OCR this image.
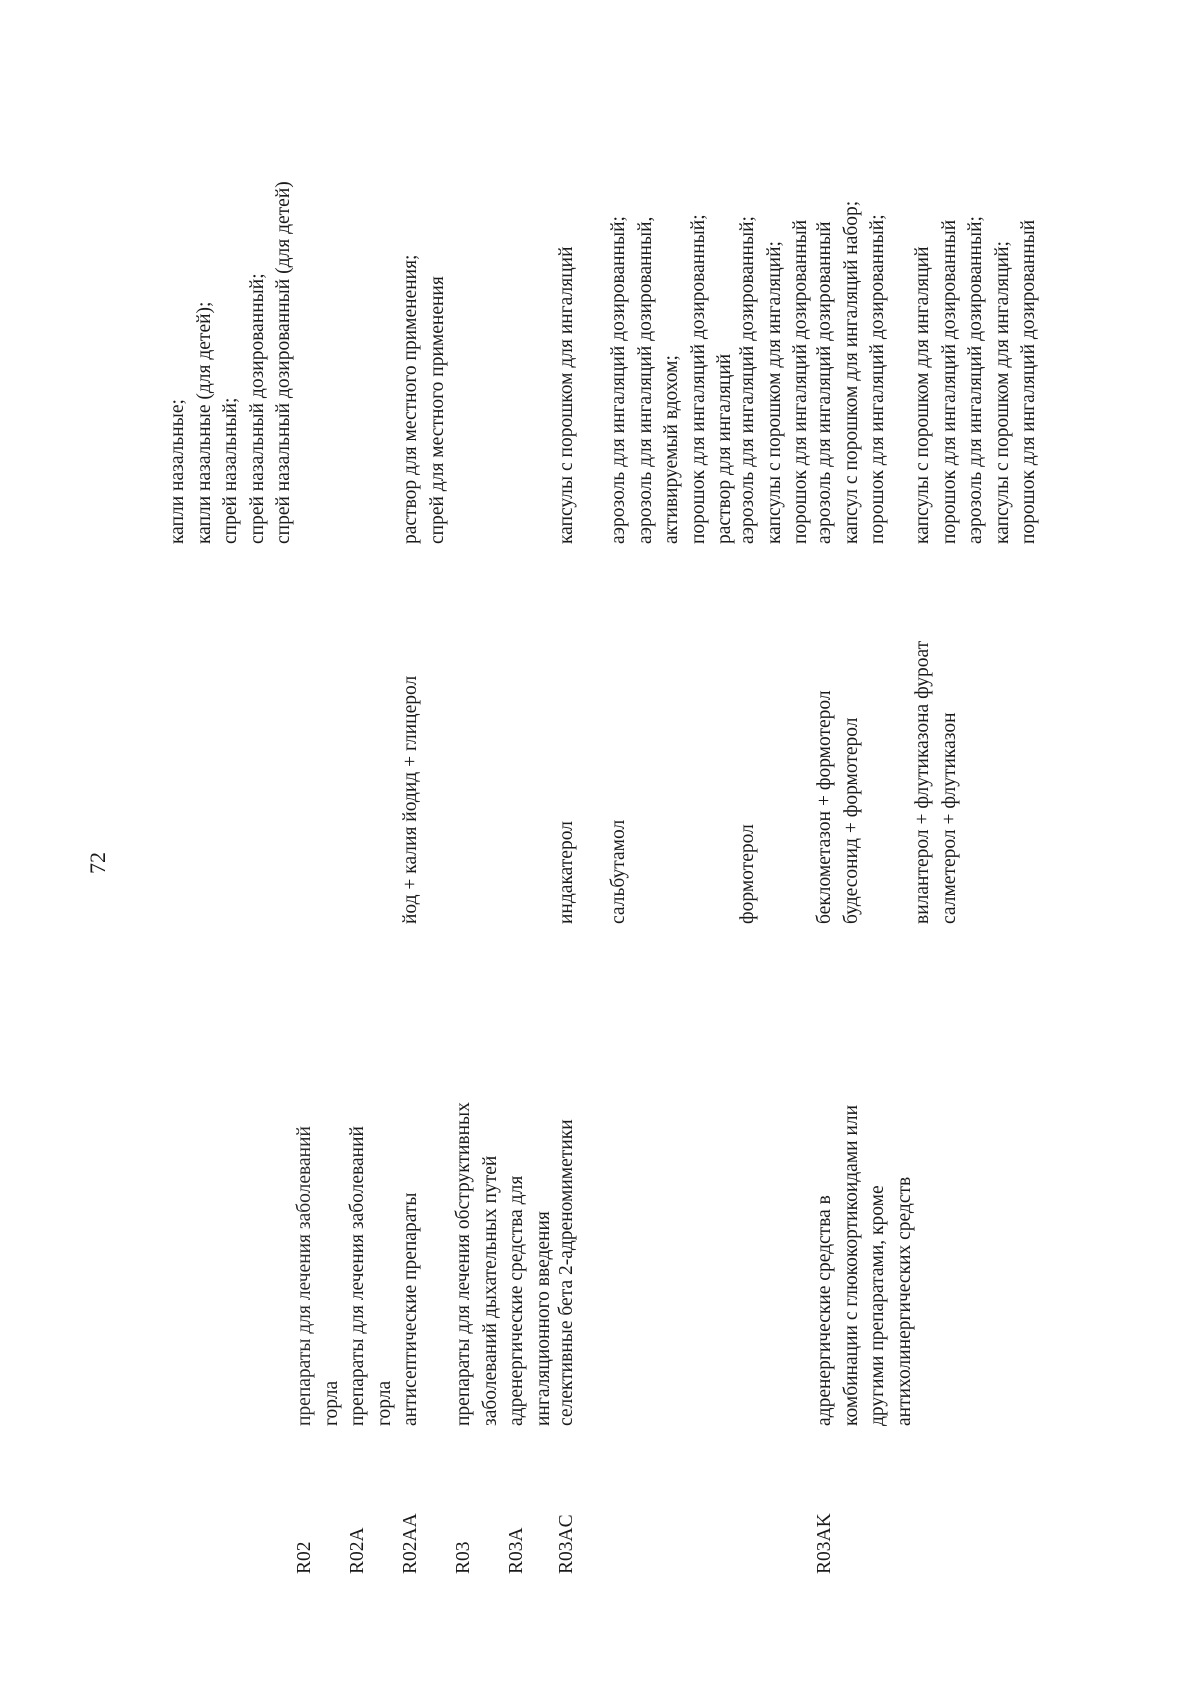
72
капли назальные; капли назальные (для детей); спрей назальный; спрей назальный дозированный; спрей назальный дозированный (для детей)
R02
препараты для лечения заболеваний горла
R02A
препараты для лечения заболеваний горла
R02AA
антисептические препараты
йод + калия йодид + глицерол
раствор для местного применения; спрей для местного применения
R03
препараты для лечения обструктивных заболеваний дыхательных путей
R03A
адренергические средства для ингаляционного введения
R03AC
селективные бета 2-адреномиметики
индакатерол
капсулы с порошком для ингаляций
сальбутамол
аэрозоль для ингаляций дозированный; аэрозоль для ингаляций дозированный, активируемый вдохом; порошок для ингаляций дозированный; раствор для ингаляций
формотерол
аэрозоль для ингаляций дозированный; капсулы с порошком для ингаляций; порошок для ингаляций дозированный
R03AK
адренергические средства в комбинации с глюкокортикоидами или другими препаратами, кроме антихолинергических средств
беклометазон + формотерол будесонид + формотерол
аэрозоль для ингаляций дозированный капсул с порошком для ингаляций набор; порошок для ингаляций дозированный;
вилантерол + флутиказона фуроат салметерол + флутиказон
капсулы с порошком для ингаляций порошок для ингаляций дозированный аэрозоль для ингаляций дозированный; капсулы с порошком для ингаляций; порошок для ингаляций дозированный
